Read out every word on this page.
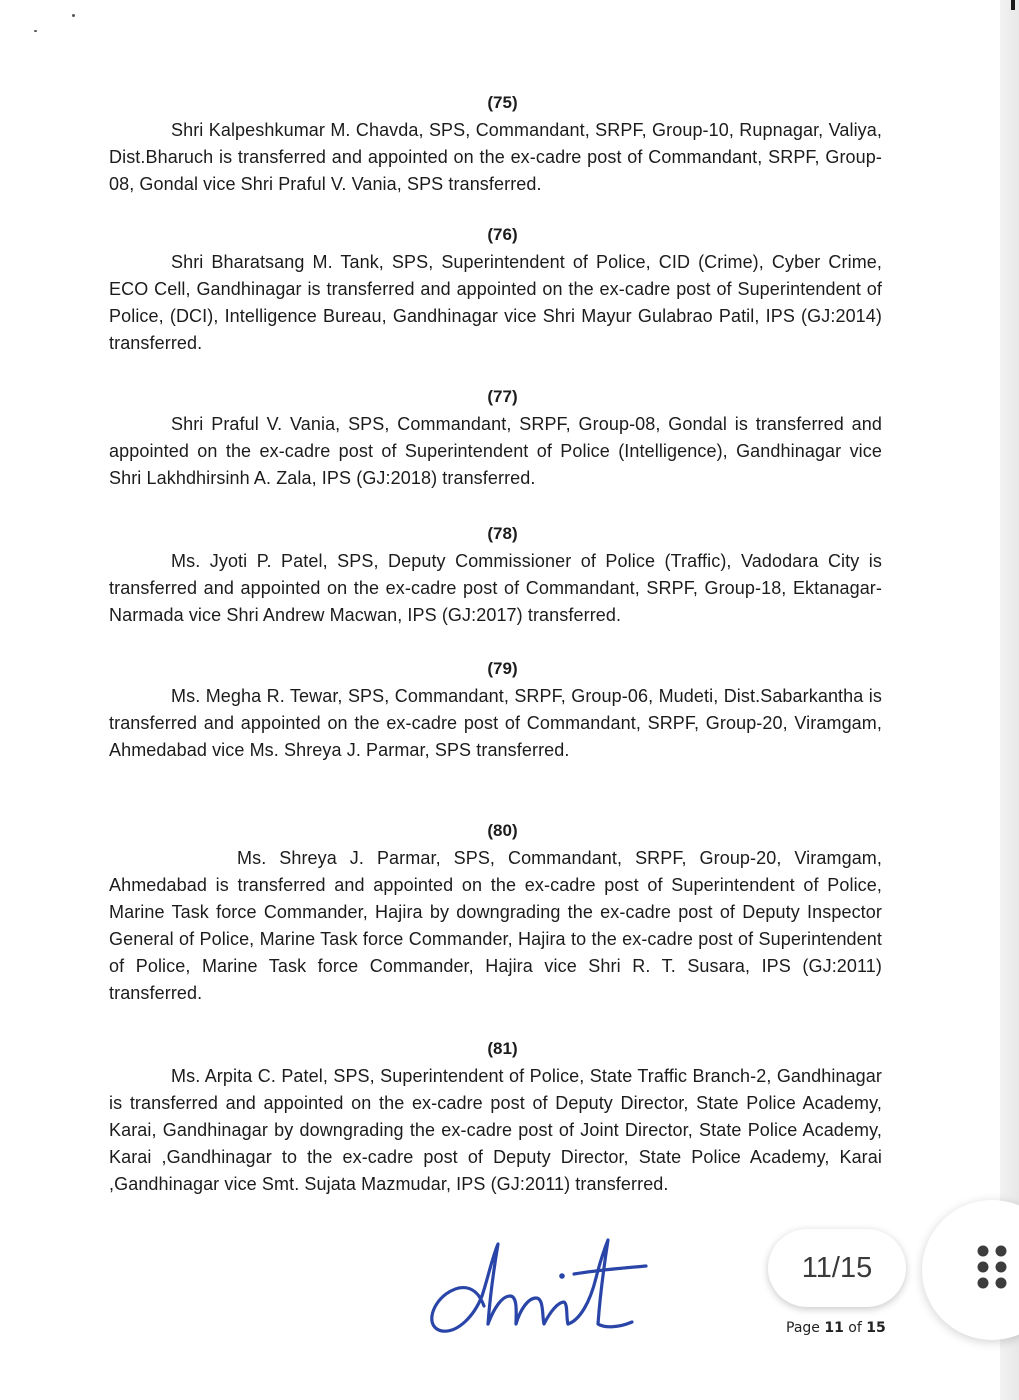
(75)
Shri Kalpeshkumar M. Chavda, SPS, Commandant, SRPF, Group-10, Rupnagar, Valiya, Dist.Bharuch is transferred and appointed on the ex-cadre post of Commandant, SRPF, Group-08, Gondal vice Shri Praful V. Vania, SPS transferred.
(76)
Shri Bharatsang M. Tank, SPS, Superintendent of Police, CID (Crime), Cyber Crime, ECO Cell, Gandhinagar is transferred and appointed on the ex-cadre post of Superintendent of Police, (DCI), Intelligence Bureau, Gandhinagar vice Shri Mayur Gulabrao Patil, IPS (GJ:2014) transferred.
(77)
Shri Praful V. Vania, SPS, Commandant, SRPF, Group-08, Gondal is transferred and appointed on the ex-cadre post of Superintendent of Police (Intelligence), Gandhinagar vice Shri Lakhdhirsinh A. Zala, IPS (GJ:2018) transferred.
(78)
Ms. Jyoti P. Patel, SPS, Deputy Commissioner of Police (Traffic), Vadodara City is transferred and appointed on the ex-cadre post of Commandant, SRPF, Group-18, Ektanagar-Narmada vice Shri Andrew Macwan, IPS (GJ:2017) transferred.
(79)
Ms. Megha R. Tewar, SPS, Commandant, SRPF, Group-06, Mudeti, Dist.Sabarkantha is transferred and appointed on the ex-cadre post of Commandant, SRPF, Group-20, Viramgam, Ahmedabad vice Ms. Shreya J. Parmar, SPS transferred.
(80)
Ms. Shreya J. Parmar, SPS, Commandant, SRPF, Group-20, Viramgam, Ahmedabad is transferred and appointed on the ex-cadre post of Superintendent of Police, Marine Task force Commander, Hajira by downgrading the ex-cadre post of Deputy Inspector General of Police, Marine Task force Commander, Hajira to the ex-cadre post of Superintendent of Police, Marine Task force Commander, Hajira vice Shri R. T. Susara, IPS (GJ:2011) transferred.
(81)
Ms. Arpita C. Patel, SPS, Superintendent of Police, State Traffic Branch-2, Gandhinagar is transferred and appointed on the ex-cadre post of Deputy Director, State Police Academy, Karai, Gandhinagar by downgrading the ex-cadre post of Joint Director, State Police Academy, Karai ,Gandhinagar to the ex-cadre post of Deputy Director, State Police Academy, Karai ,Gandhinagar vice Smt. Sujata Mazmudar, IPS (GJ:2011) transferred.
11/15
Page 11 of 15
